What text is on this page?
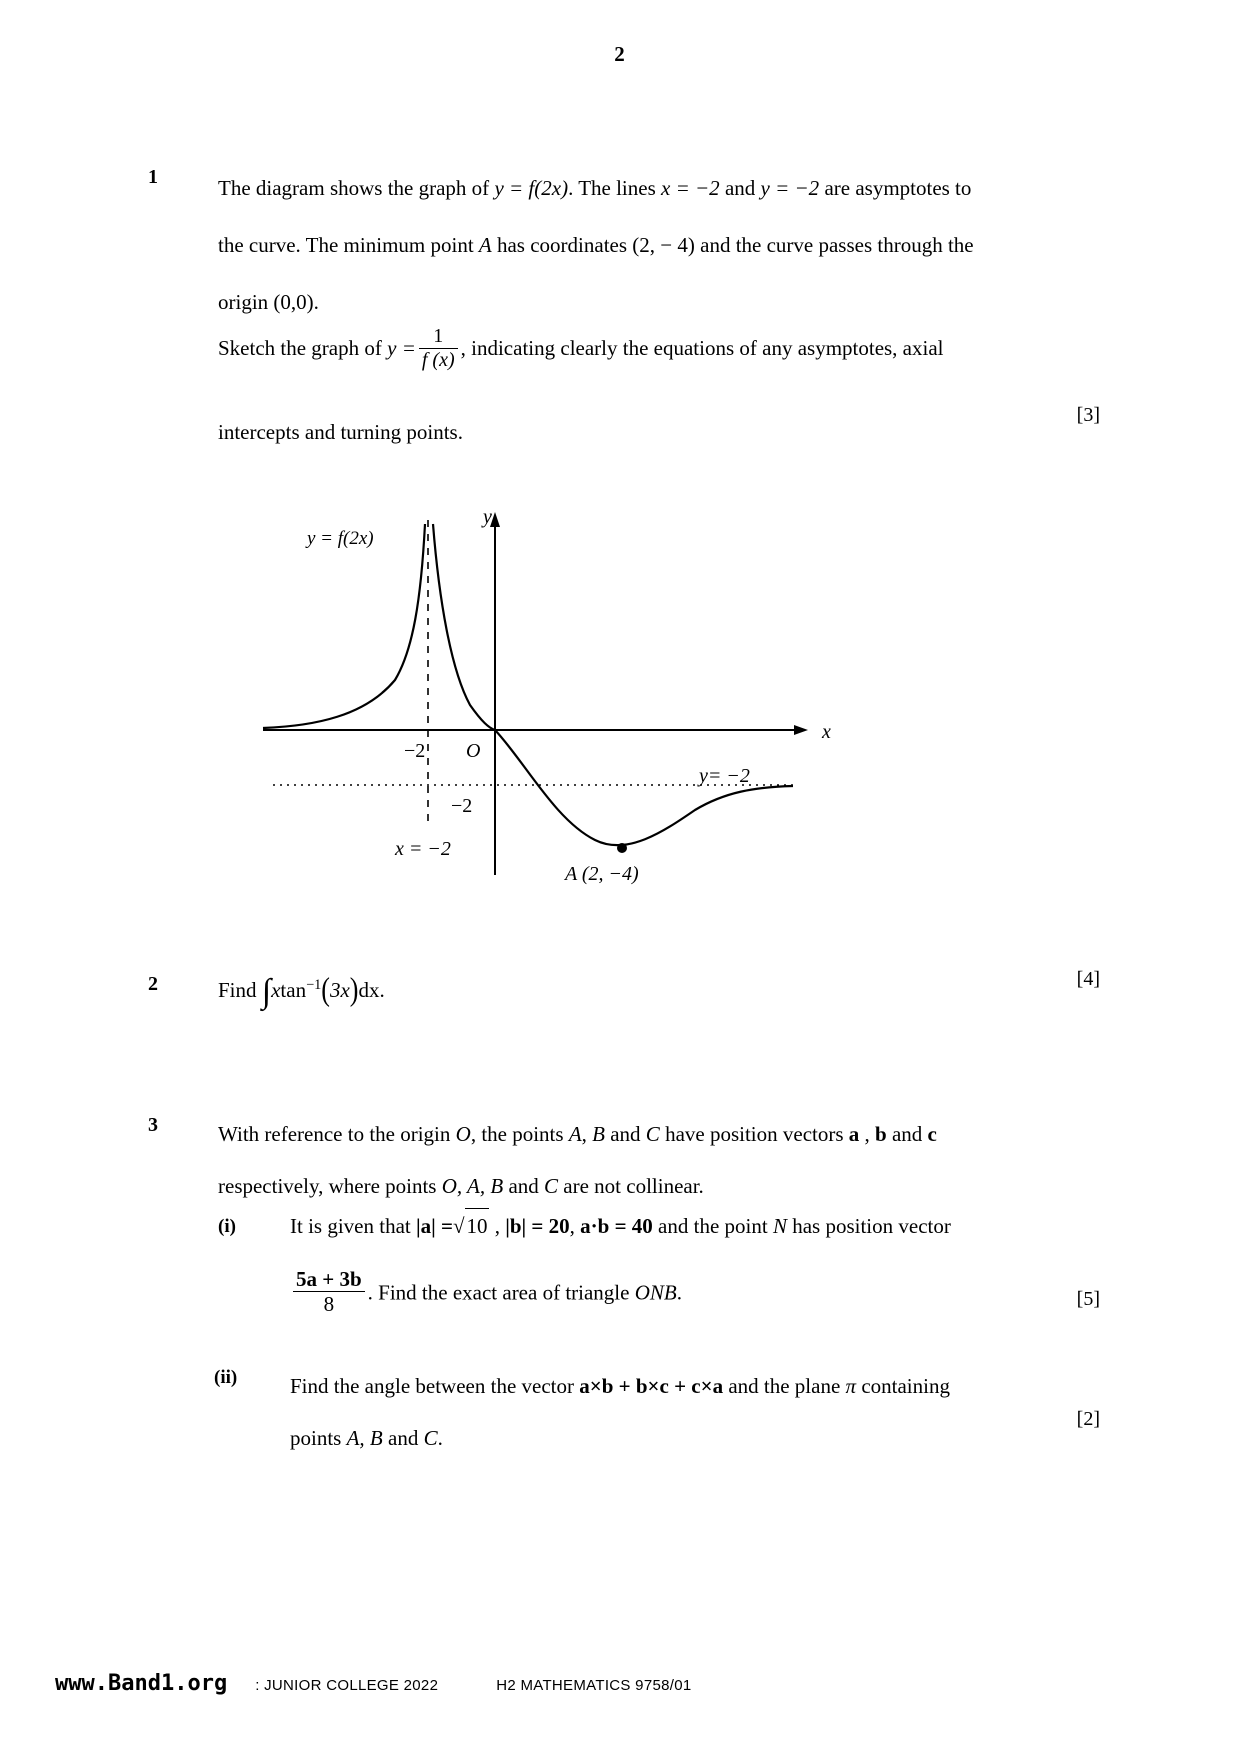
2
1	The diagram shows the graph of y = f(2x). The lines x = −2 and y = −2 are asymptotes to
the curve. The minimum point A has coordinates (2, − 4) and the curve passes through the
origin (0,0).
Sketch the graph of $y = \frac{1}{f (x)}$ , indicating clearly the equations of any asymptotes, axial
intercepts and turning points.
[3]
y = f(2x)
y
x
O
−2
−2
y= −2
x = −2
A (2, −4)
2	Find ∫xtan$^{-1}$(3x)dx.	[4]
3	With reference to the origin O, the points A, B and C have position vectors a , b and c
respectively, where points O, A, B and C are not collinear.
(i)	It is given that |a| =√10 , |b| = 20, a·b = 40 and the point N has position vector
$\frac{5a + 3b}{8}$ . Find the exact area of triangle ONB.	[5]
(ii)	Find the angle between the vector a×b + b×c + c×a and the plane π containing
points A, B and C.
[2]
www.Band1.org : JUNIOR COLLEGE 2022	H2 MATHEMATICS 9758/01
